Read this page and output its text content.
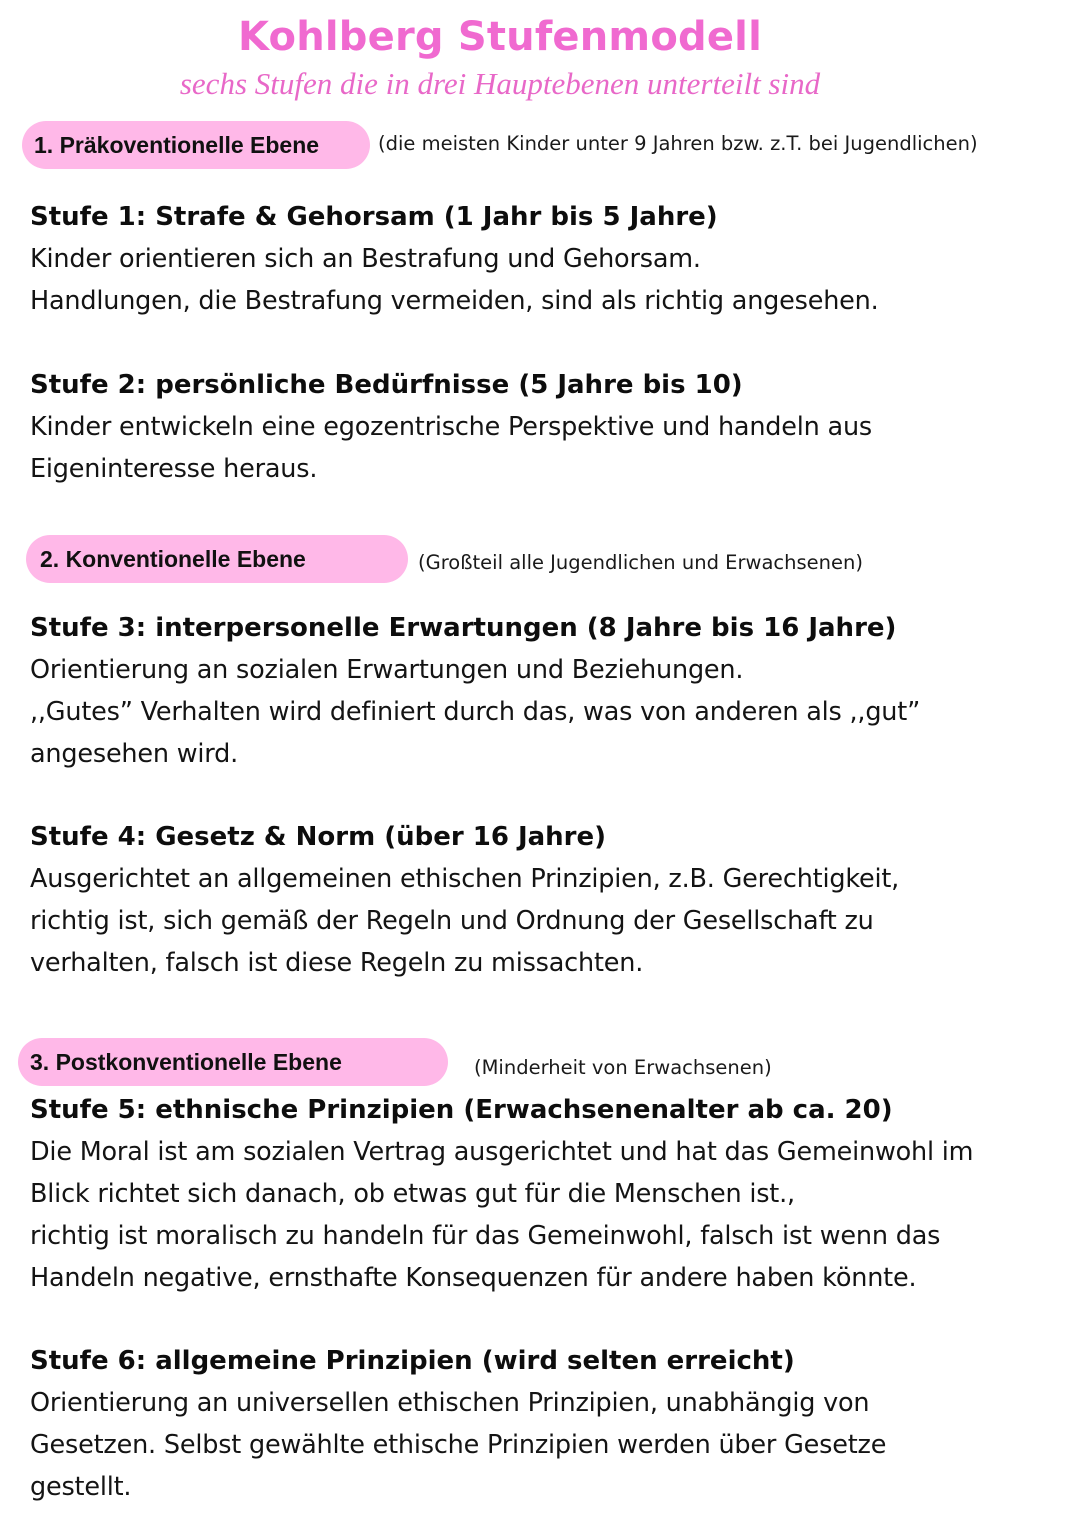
Kohlberg Stufenmodell
sechs Stufen die in drei Hauptebenen unterteilt sind
1. Präkoventionelle Ebene	(die meisten Kinder unter 9 Jahren bzw. z.T. bei Jugendlichen)
Stufe 1: Strafe & Gehorsam (1 Jahr bis 5 Jahre)
Kinder orientieren sich an Bestrafung und Gehorsam.
Handlungen, die Bestrafung vermeiden, sind als richtig angesehen.
Stufe 2: persönliche Bedürfnisse (5 Jahre bis 10)
Kinder entwickeln eine egozentrische Perspektive und handeln aus
Eigeninteresse heraus.
2. Konventionelle Ebene	(Großteil alle Jugendlichen und Erwachsenen)
Stufe 3: interpersonelle Erwartungen (8 Jahre bis 16 Jahre)
Orientierung an sozialen Erwartungen und Beziehungen.
,,Gutes” Verhalten wird definiert durch das, was von anderen als ,,gut”
angesehen wird.
Stufe 4: Gesetz & Norm (über 16 Jahre)
Ausgerichtet an allgemeinen ethischen Prinzipien, z.B. Gerechtigkeit,
richtig ist, sich gemäß der Regeln und Ordnung der Gesellschaft zu
verhalten, falsch ist diese Regeln zu missachten.
3. Postkonventionelle Ebene	(Minderheit von Erwachsenen)
Stufe 5: ethnische Prinzipien (Erwachsenenalter ab ca. 20)
Die Moral ist am sozialen Vertrag ausgerichtet und hat das Gemeinwohl im
Blick richtet sich danach, ob etwas gut für die Menschen ist.,
richtig ist moralisch zu handeln für das Gemeinwohl, falsch ist wenn das
Handeln negative, ernsthafte Konsequenzen für andere haben könnte.
Stufe 6: allgemeine Prinzipien (wird selten erreicht)
Orientierung an universellen ethischen Prinzipien, unabhängig von
Gesetzen. Selbst gewählte ethische Prinzipien werden über Gesetze
gestellt.
